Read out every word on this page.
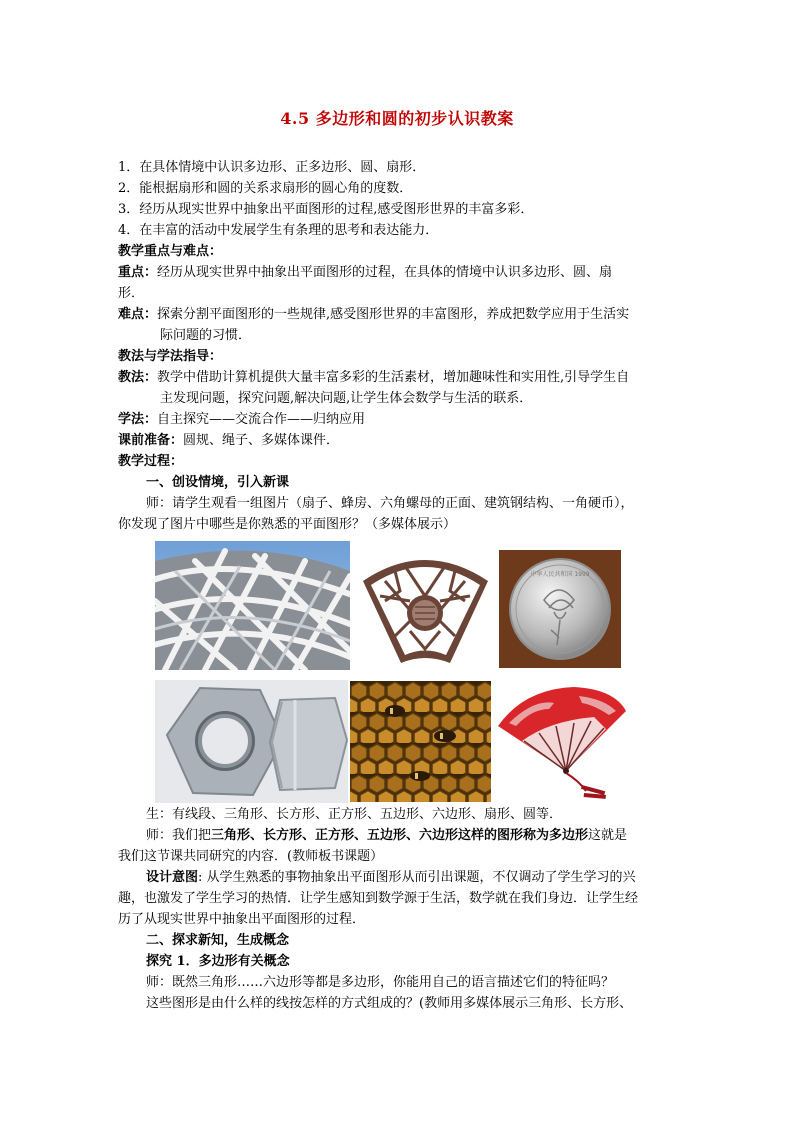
4.5 多边形和圆的初步认识教案
1．在具体情境中认识多边形、正多边形、圆、扇形．
2．能根据扇形和圆的关系求扇形的圆心角的度数．
3．经历从现实世界中抽象出平面图形的过程,感受图形世界的丰富多彩．
4．在丰富的活动中发展学生有条理的思考和表达能力．
教学重点与难点：
重点：经历从现实世界中抽象出平面图形的过程，在具体的情境中认识多边形、圆、扇
形．
难点：探索分割平面图形的一些规律,感受图形世界的丰富图形，养成把数学应用于生活实
际问题的习惯．
教法与学法指导：
教法：教学中借助计算机提供大量丰富多彩的生活素材，增加趣味性和实用性,引导学生自
主发现问题，探究问题,解决问题,让学生体会数学与生活的联系．
学法：自主探究——交流合作——归纳应用
课前准备：圆规、绳子、多媒体课件．
教学过程：
一、创设情境，引入新课
师：请学生观看一组图片（扇子、蜂房、六角螺母的正面、建筑钢结构、一角硬币），
你发现了图片中哪些是你熟悉的平面图形？（多媒体展示）
中华人民共和国 1999
生：有线段、三角形、长方形、正方形、五边形、六边形、扇形、圆等．
师：我们把三角形、长方形、正方形、五边形、六边形这样的图形称为多边形这就是
我们这节课共同研究的内容．(教师板书课题）
设计意图: 从学生熟悉的事物抽象出平面图形从而引出课题，不仅调动了学生学习的兴
趣，也激发了学生学习的热情．让学生感知到数学源于生活，数学就在我们身边．让学生经
历了从现实世界中抽象出平面图形的过程．
二、探求新知，生成概念
探究 1．多边形有关概念
师：既然三角形……六边形等都是多边形，你能用自己的语言描述它们的特征吗？
这些图形是由什么样的线按怎样的方式组成的？(教师用多媒体展示三角形、长方形、
